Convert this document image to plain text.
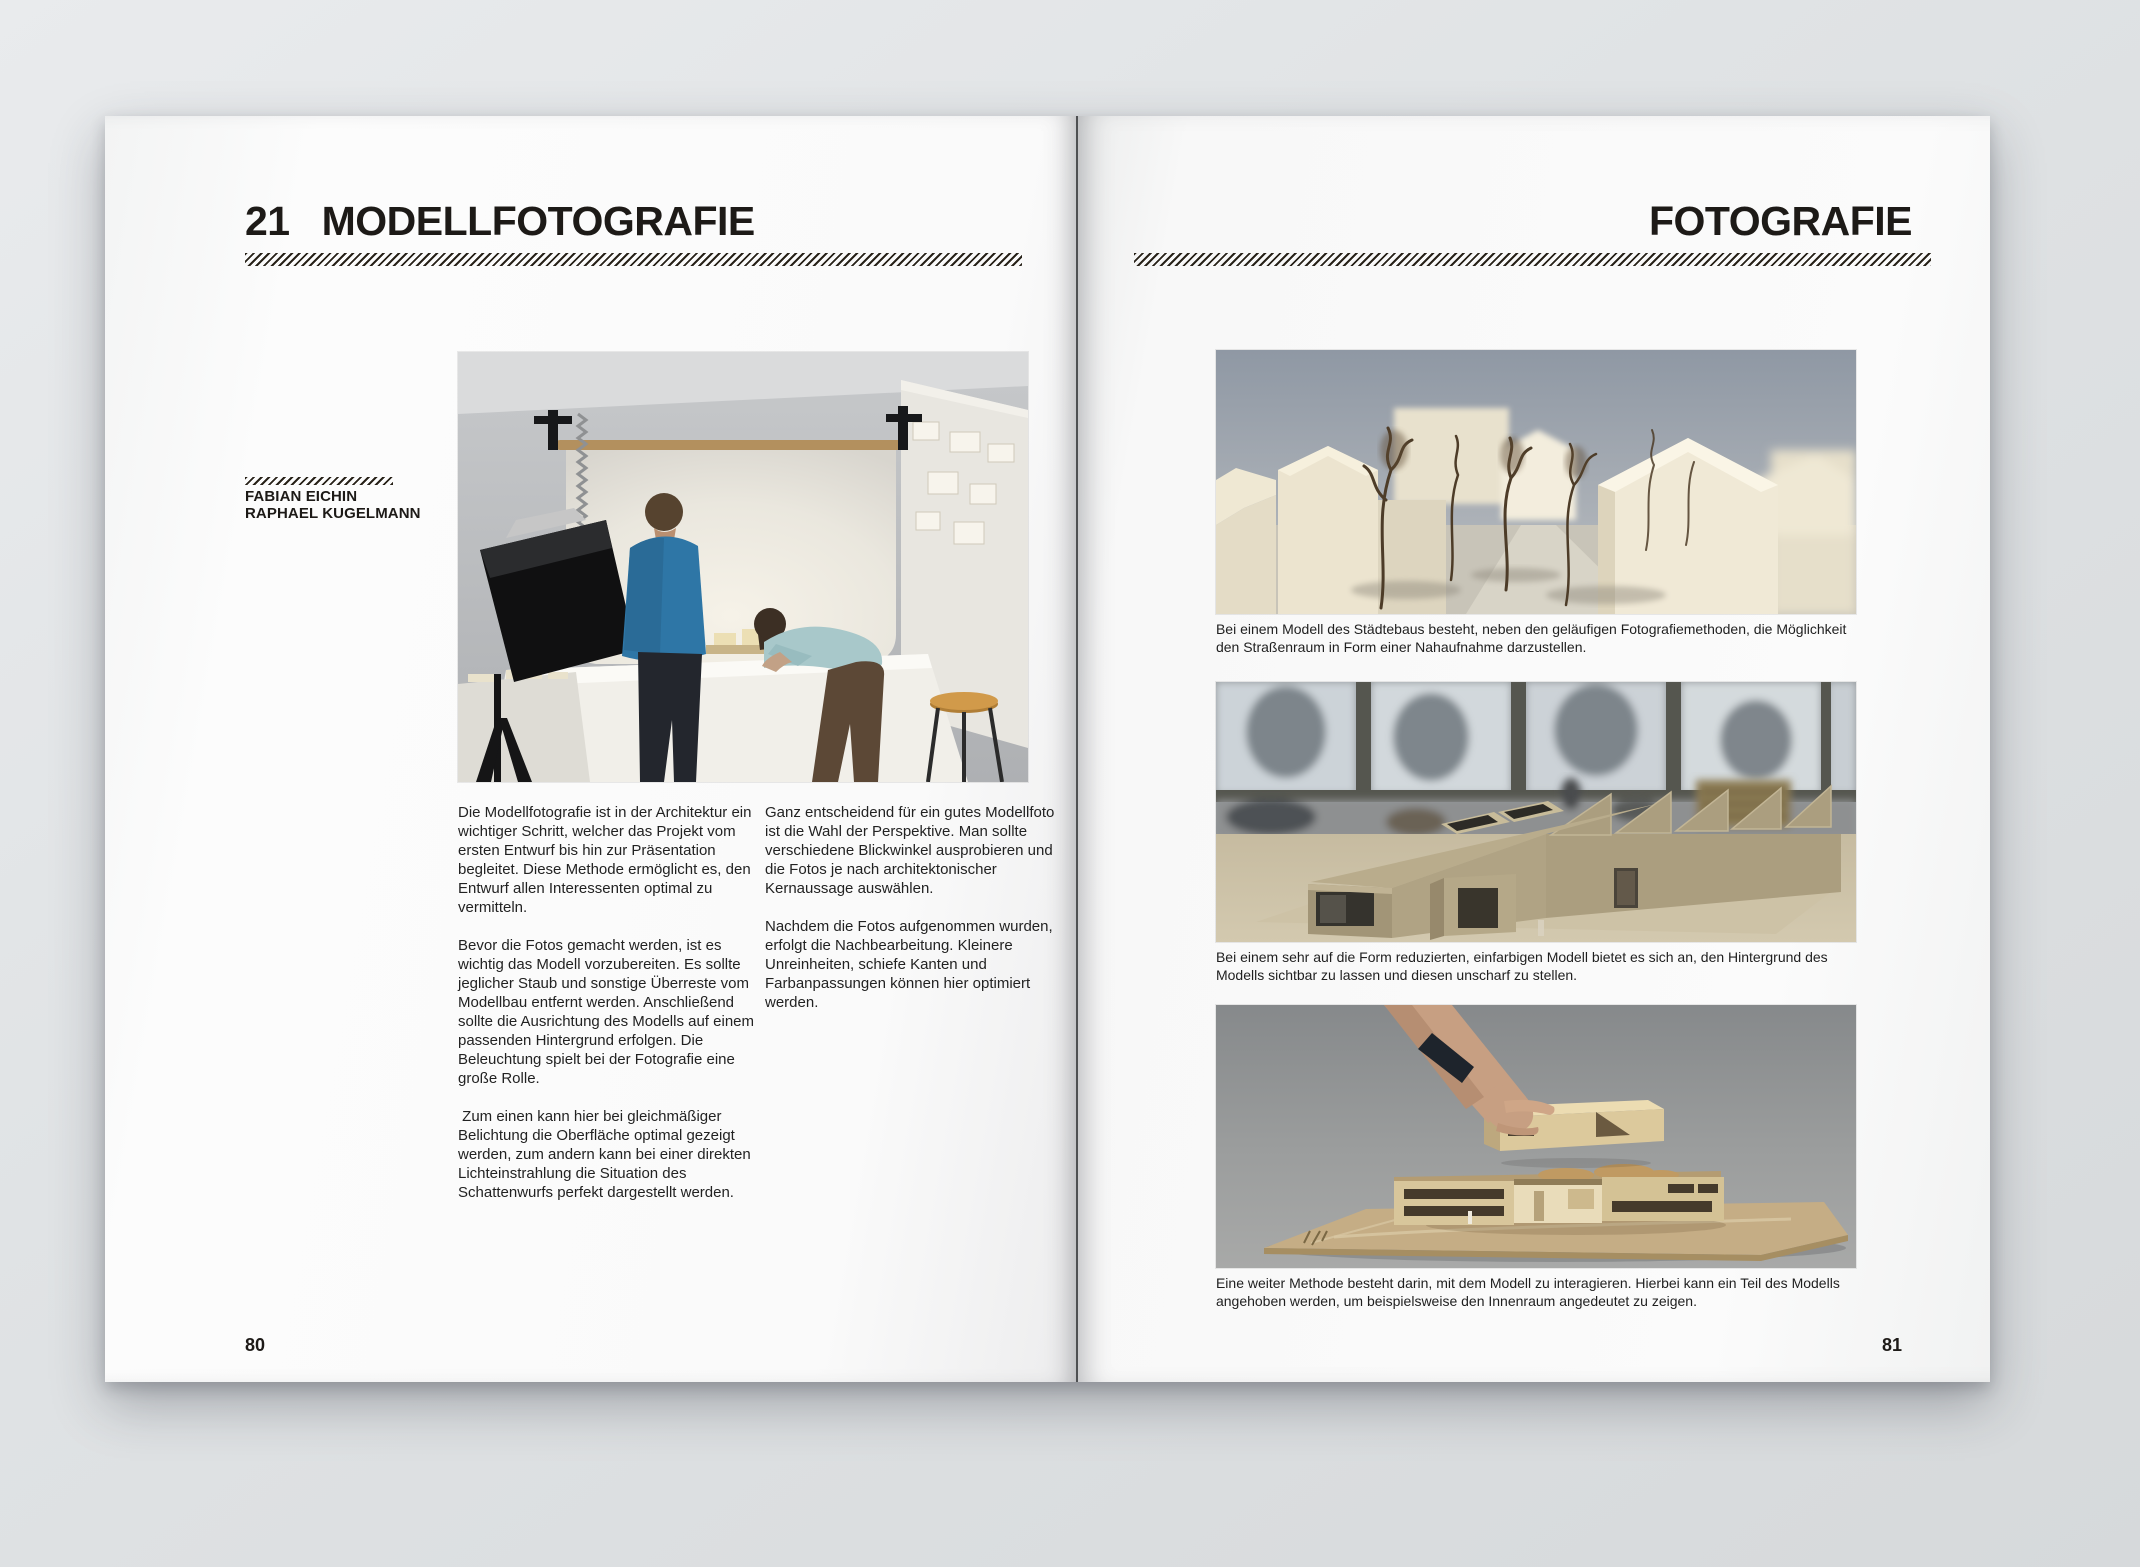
21 MODELLFOTOGRAFIE
FABIAN EICHIN
RAPHAEL KUGELMANN

Die Modellfotografie ist in der Architektur ein wichtiger Schritt, welcher das Projekt vom ersten Entwurf bis hin zur Präsentation begleitet. Diese Methode ermöglicht es, den Entwurf allen Interessenten optimal zu vermitteln.

Bevor die Fotos gemacht werden, ist es wichtig das Modell vorzubereiten. Es sollte jeglicher Staub und sonstige Überreste vom Modellbau entfernt werden. Anschließend sollte die Ausrichtung des Modells auf einem passenden Hintergrund erfolgen. Die Beleuchtung spielt bei der Fotografie eine große Rolle.

Zum einen kann hier bei gleichmäßiger Belichtung die Oberfläche optimal gezeigt werden, zum andern kann bei einer direkten Lichteinstrahlung die Situation des Schattenwurfs perfekt dargestellt werden.

Ganz entscheidend für ein gutes Modellfoto ist die Wahl der Perspektive. Man sollte verschiedene Blickwinkel ausprobieren und die Fotos je nach architektonischer Kernaussage auswählen.

Nachdem die Fotos aufgenommen wurden, erfolgt die Nachbearbeitung. Kleinere Unreinheiten, schiefe Kanten und Farbanpassungen können hier optimiert werden.

80
FOTOGRAFIE
Bei einem Modell des Städtebaus besteht, neben den geläufigen Fotografiemethoden, die Möglichkeit den Straßenraum in Form einer Nahaufnahme darzustellen.
Bei einem sehr auf die Form reduzierten, einfarbigen Modell bietet es sich an, den Hintergrund des Modells sichtbar zu lassen und diesen unscharf zu stellen.
Eine weiter Methode besteht darin, mit dem Modell zu interagieren. Hierbei kann ein Teil des Modells angehoben werden, um beispielsweise den Innenraum angedeutet zu zeigen.
81
